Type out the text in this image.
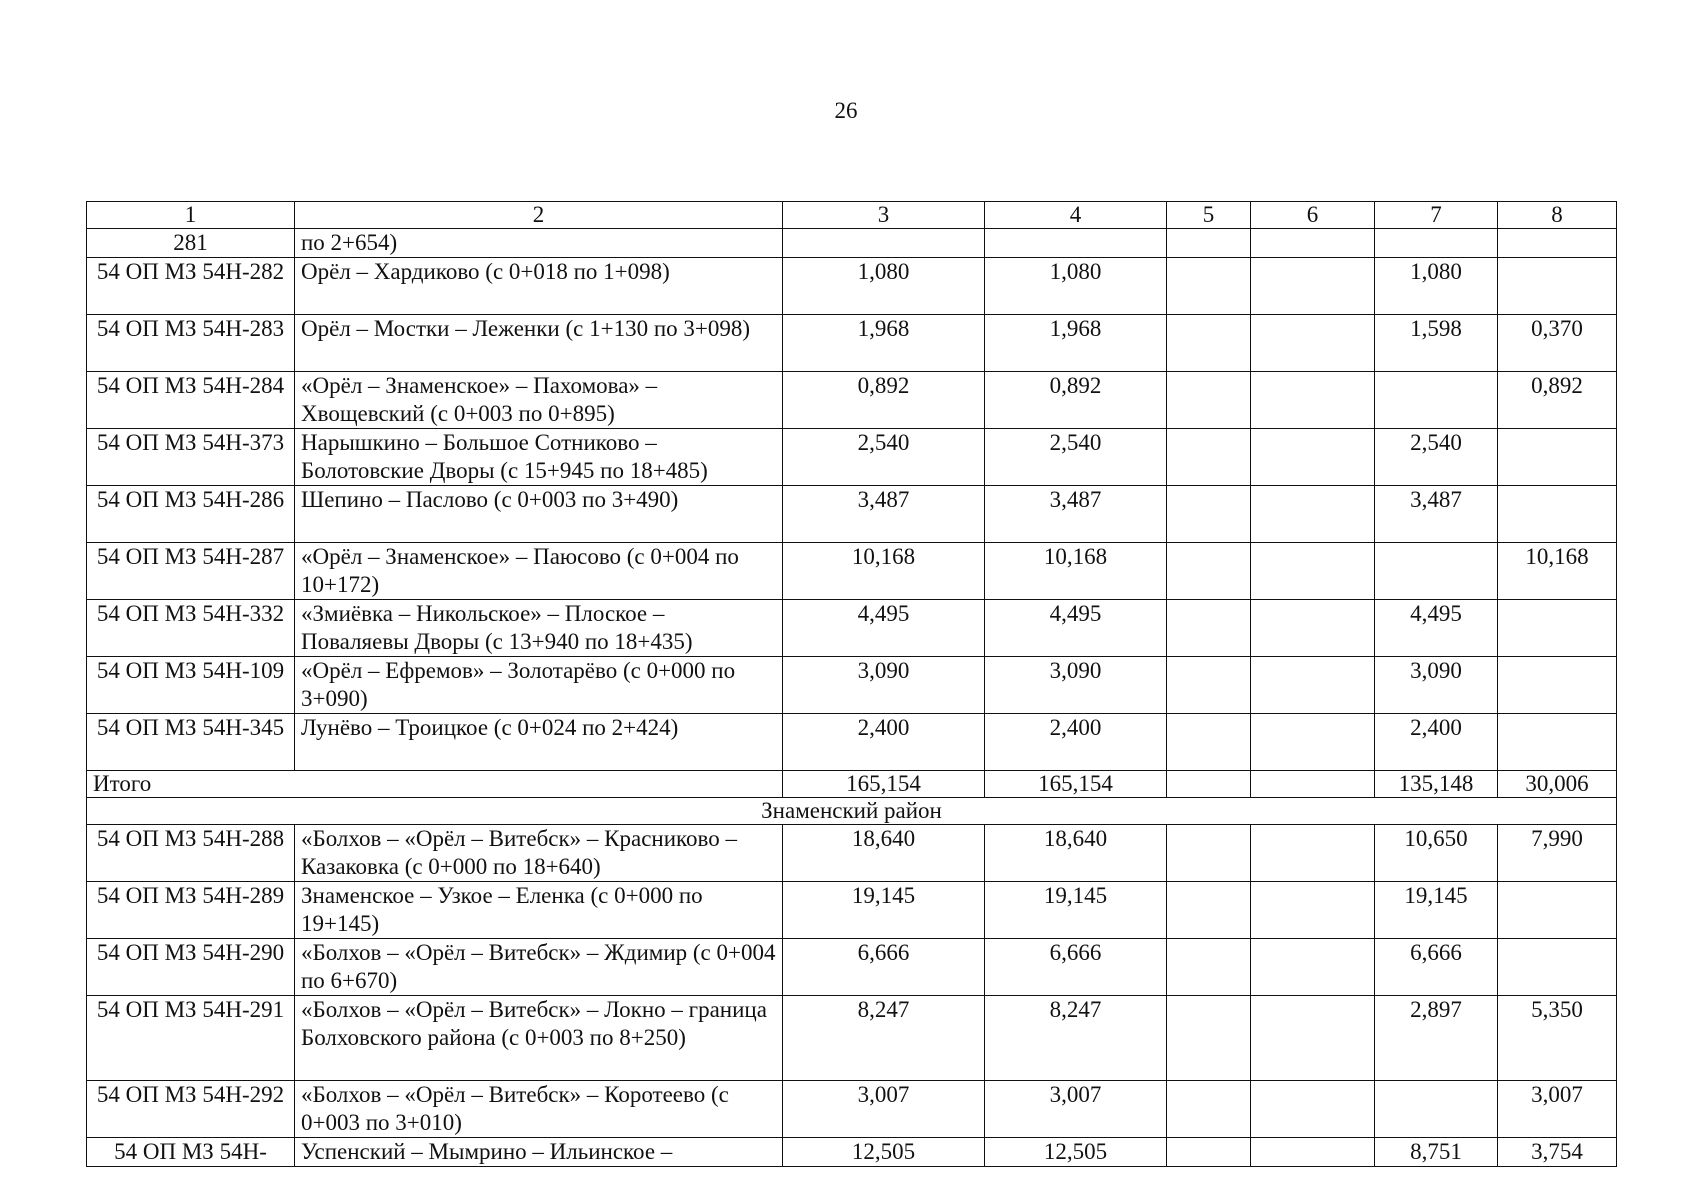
26
1	2	3	4	5	6	7	8
281	по 2+654)						
54 ОП МЗ 54Н-282	Орёл – Хардиково (с 0+018 по 1+098)	1,080	1,080			1,080	
54 ОП МЗ 54Н-283	Орёл – Мостки – Леженки (с 1+130 по 3+098)	1,968	1,968			1,598	0,370
54 ОП МЗ 54Н-284	«Орёл – Знаменское» – Пахомова» – Хвощевский (с 0+003 по 0+895)	0,892	0,892				0,892
54 ОП МЗ 54Н-373	Нарышкино – Большое Сотниково – Болотовские Дворы (с 15+945 по 18+485)	2,540	2,540			2,540	
54 ОП МЗ 54Н-286	Шепино – Паслово (с 0+003 по 3+490)	3,487	3,487			3,487	
54 ОП МЗ 54Н-287	«Орёл – Знаменское» – Паюсово (с 0+004 по 10+172)	10,168	10,168				10,168
54 ОП МЗ 54Н-332	«Змиёвка – Никольское» – Плоское – Поваляевы Дворы (с 13+940 по 18+435)	4,495	4,495			4,495	
54 ОП МЗ 54Н-109	«Орёл – Ефремов» – Золотарёво (с 0+000 по 3+090)	3,090	3,090			3,090	
54 ОП МЗ 54Н-345	Лунёво – Троицкое (с 0+024 по 2+424)	2,400	2,400			2,400	
Итого		165,154	165,154			135,148	30,006
Знаменский район							
54 ОП МЗ 54Н-288	«Болхов – «Орёл – Витебск» – Красниково – Казаковка (с 0+000 по 18+640)	18,640	18,640			10,650	7,990
54 ОП МЗ 54Н-289	Знаменское – Узкое – Еленка (с 0+000 по 19+145)	19,145	19,145			19,145	
54 ОП МЗ 54Н-290	«Болхов – «Орёл – Витебск» – Ждимир (с 0+004 по 6+670)	6,666	6,666			6,666	
54 ОП МЗ 54Н-291	«Болхов – «Орёл – Витебск» – Локно – граница Болховского района (с 0+003 по 8+250)	8,247	8,247			2,897	5,350
54 ОП МЗ 54Н-292	«Болхов – «Орёл – Витебск» – Коротеево (с 0+003 по 3+010)	3,007	3,007				3,007
54 ОП МЗ 54Н-	Успенский – Мымрино – Ильинское –	12,505	12,505			8,751	3,754
